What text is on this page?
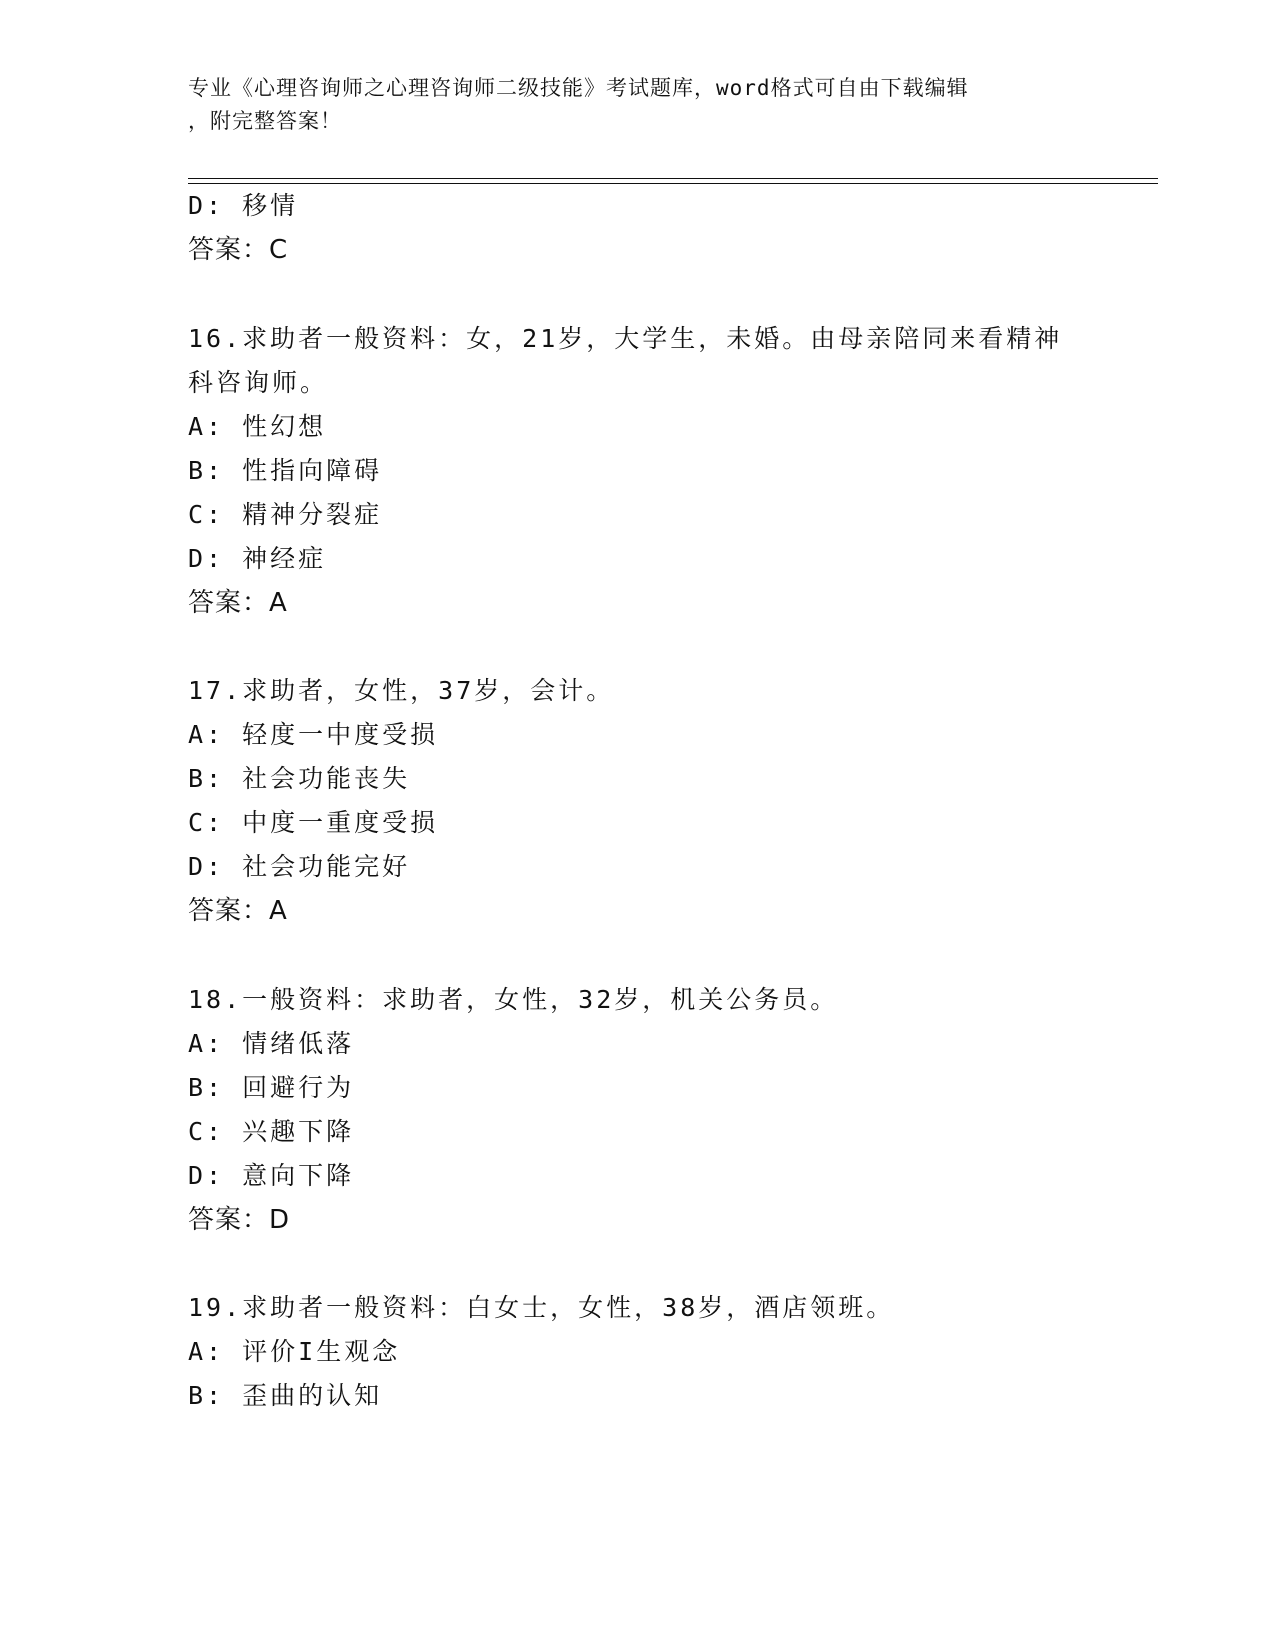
专业《心理咨询师之心理咨询师二级技能》考试题库，word格式可自由下载编辑
，附完整答案！
D: 移情
答案：C
16.求助者一般资料：女，21岁，大学生，未婚。由母亲陪同来看精神
科咨询师。
A: 性幻想
B: 性指向障碍
C: 精神分裂症
D: 神经症
答案：A
17.求助者，女性，37岁，会计。
A: 轻度一中度受损
B: 社会功能丧失
C: 中度一重度受损
D: 社会功能完好
答案：A
18.一般资料：求助者，女性，32岁，机关公务员。
A: 情绪低落
B: 回避行为
C: 兴趣下降
D: 意向下降
答案：D
19.求助者一般资料：白女士，女性，38岁，酒店领班。
A: 评价I生观念
B: 歪曲的认知
